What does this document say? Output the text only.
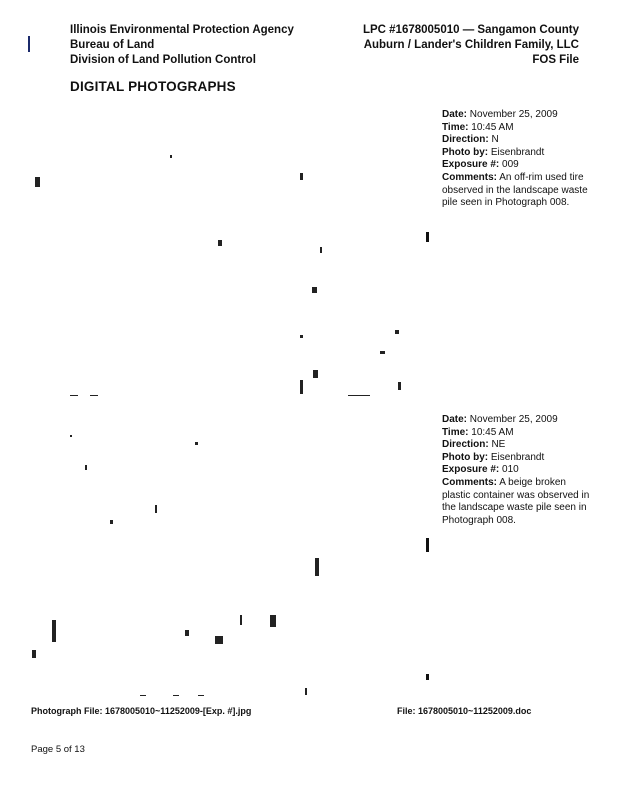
Illinois Environmental Protection Agency
Bureau of Land
Division of Land Pollution Control
LPC #1678005010 — Sangamon County
Auburn / Lander's Children Family, LLC
FOS File
DIGITAL PHOTOGRAPHS
Date: November 25, 2009
Time: 10:45 AM
Direction: N
Photo by: Eisenbrandt
Exposure #: 009
Comments: An off-rim used tire observed in the landscape waste pile seen in Photograph 008.
Date: November 25, 2009
Time: 10:45 AM
Direction: NE
Photo by: Eisenbrandt
Exposure #: 010
Comments: A beige broken plastic container was observed in the landscape waste pile seen in Photograph 008.
Photograph File: 1678005010~11252009-[Exp. #].jpg	File: 1678005010~11252009.doc
Page 5 of 13
